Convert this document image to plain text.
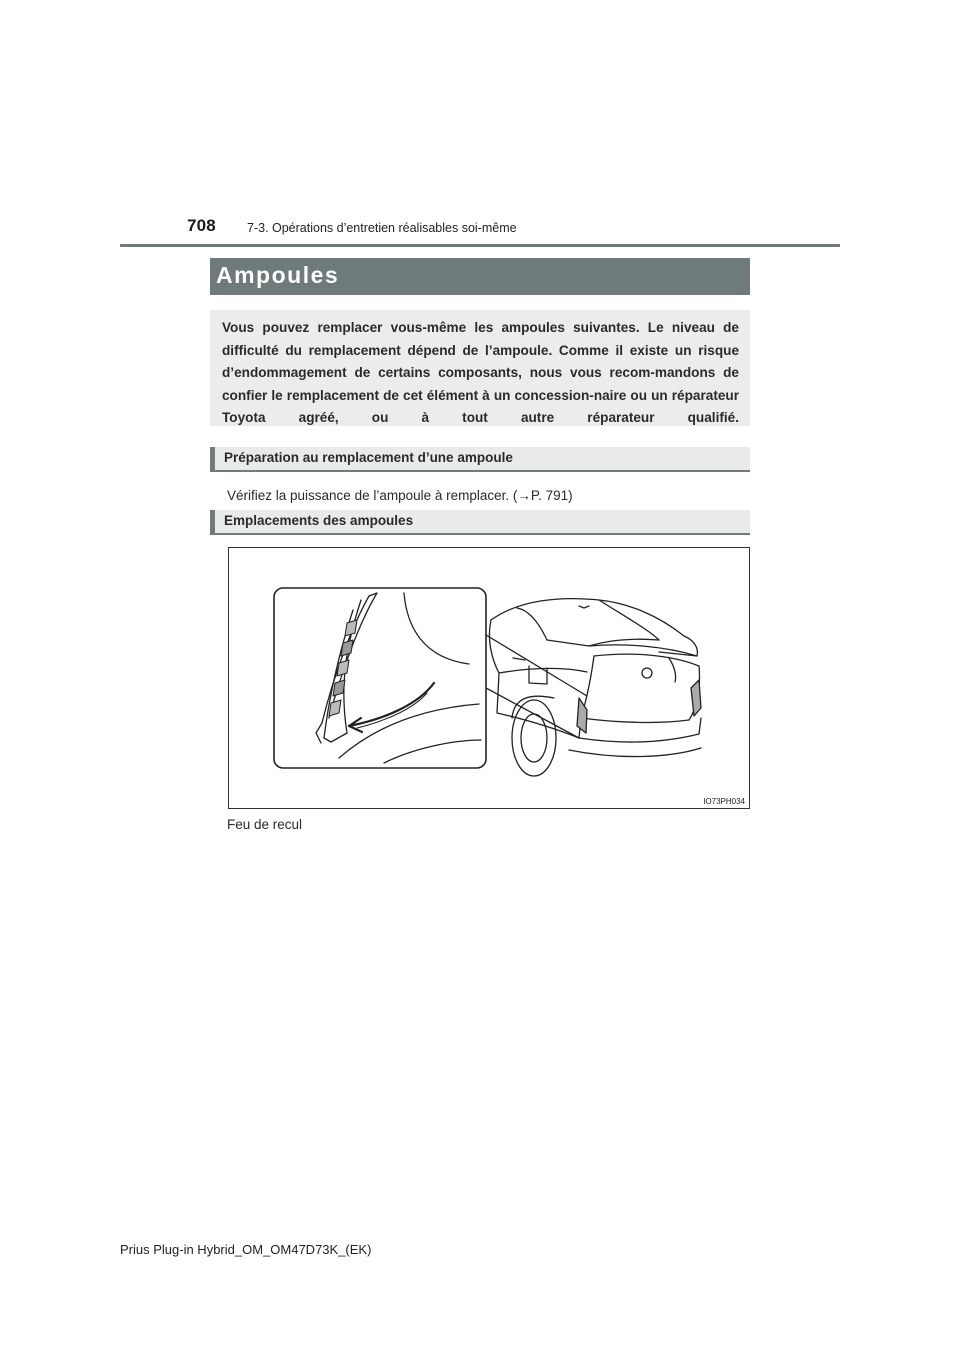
708 7-3. Opérations d’entretien réalisables soi-même
Ampoules
Vous pouvez remplacer vous-même les ampoules suivantes. Le niveau de difficulté du remplacement dépend de l’ampoule. Comme il existe un risque d’endommagement de certains composants, nous vous recom-mandons de confier le remplacement de cet élément à un concession-naire ou un réparateur Toyota agréé, ou à tout autre réparateur qualifié.
Préparation au remplacement d’une ampoule
Vérifiez la puissance de l’ampoule à remplacer. (→P. 791)
Emplacements des ampoules
IO73PH034
Feu de recul
Prius Plug-in Hybrid_OM_OM47D73K_(EK)
